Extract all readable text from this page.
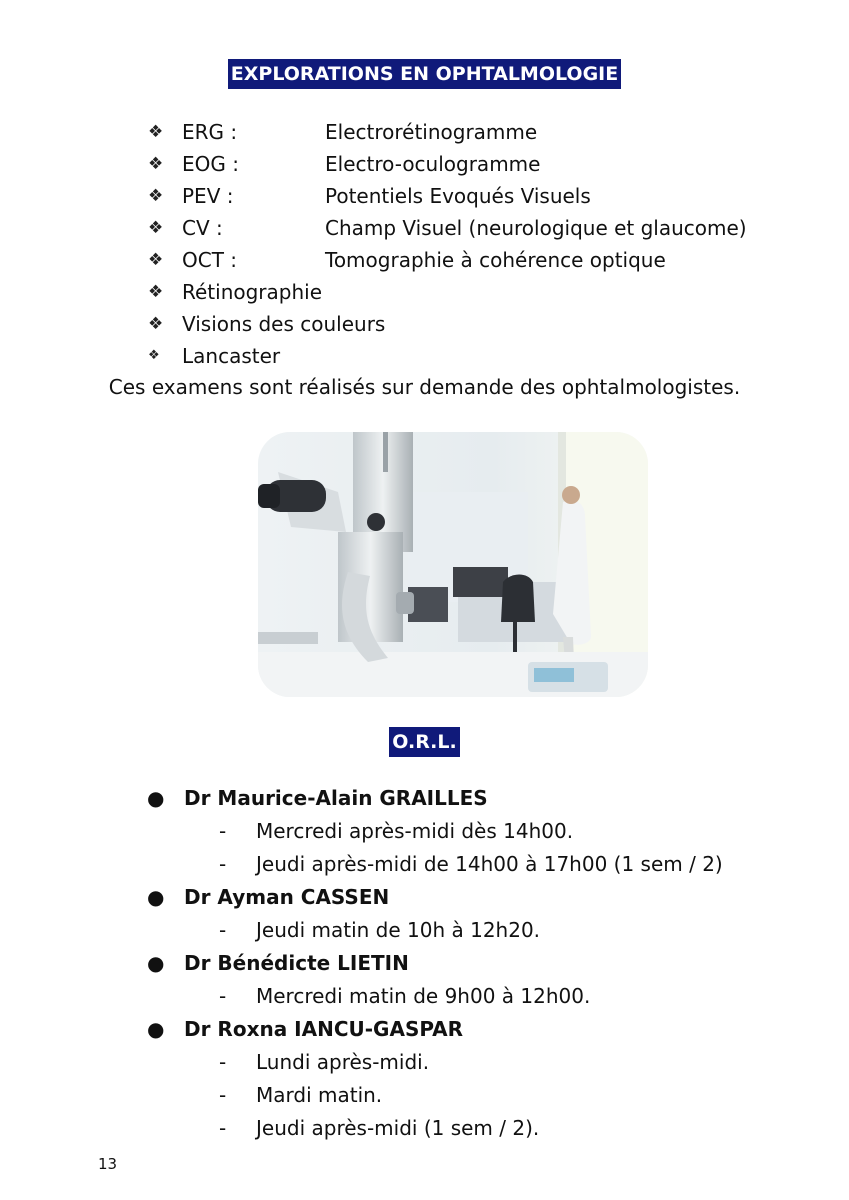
EXPLORATIONS EN OPHTALMOLOGIE
❖ ERG :	Electrorétinogramme
❖ EOG :	Electro-oculogramme
❖ PEV :	Potentiels Evoqués Visuels
❖ CV :	Champ Visuel (neurologique et glaucome)
❖ OCT :	Tomographie à cohérence optique
❖ Rétinographie
❖ Visions des couleurs
❖	Lancaster
Ces examens sont réalisés sur demande des ophtalmologistes.
O.R.L.
● Dr Maurice-Alain GRAILLES
- Mercredi après-midi dès 14h00.
- Jeudi après-midi de 14h00 à 17h00 (1 sem / 2)
● Dr Ayman CASSEN
- Jeudi matin de 10h à 12h20.
● Dr Bénédicte LIETIN
- Mercredi matin de 9h00 à 12h00.
● Dr Roxna IANCU-GASPAR
- Lundi après-midi.
- Mardi matin.
- Jeudi après-midi (1 sem / 2).
13
